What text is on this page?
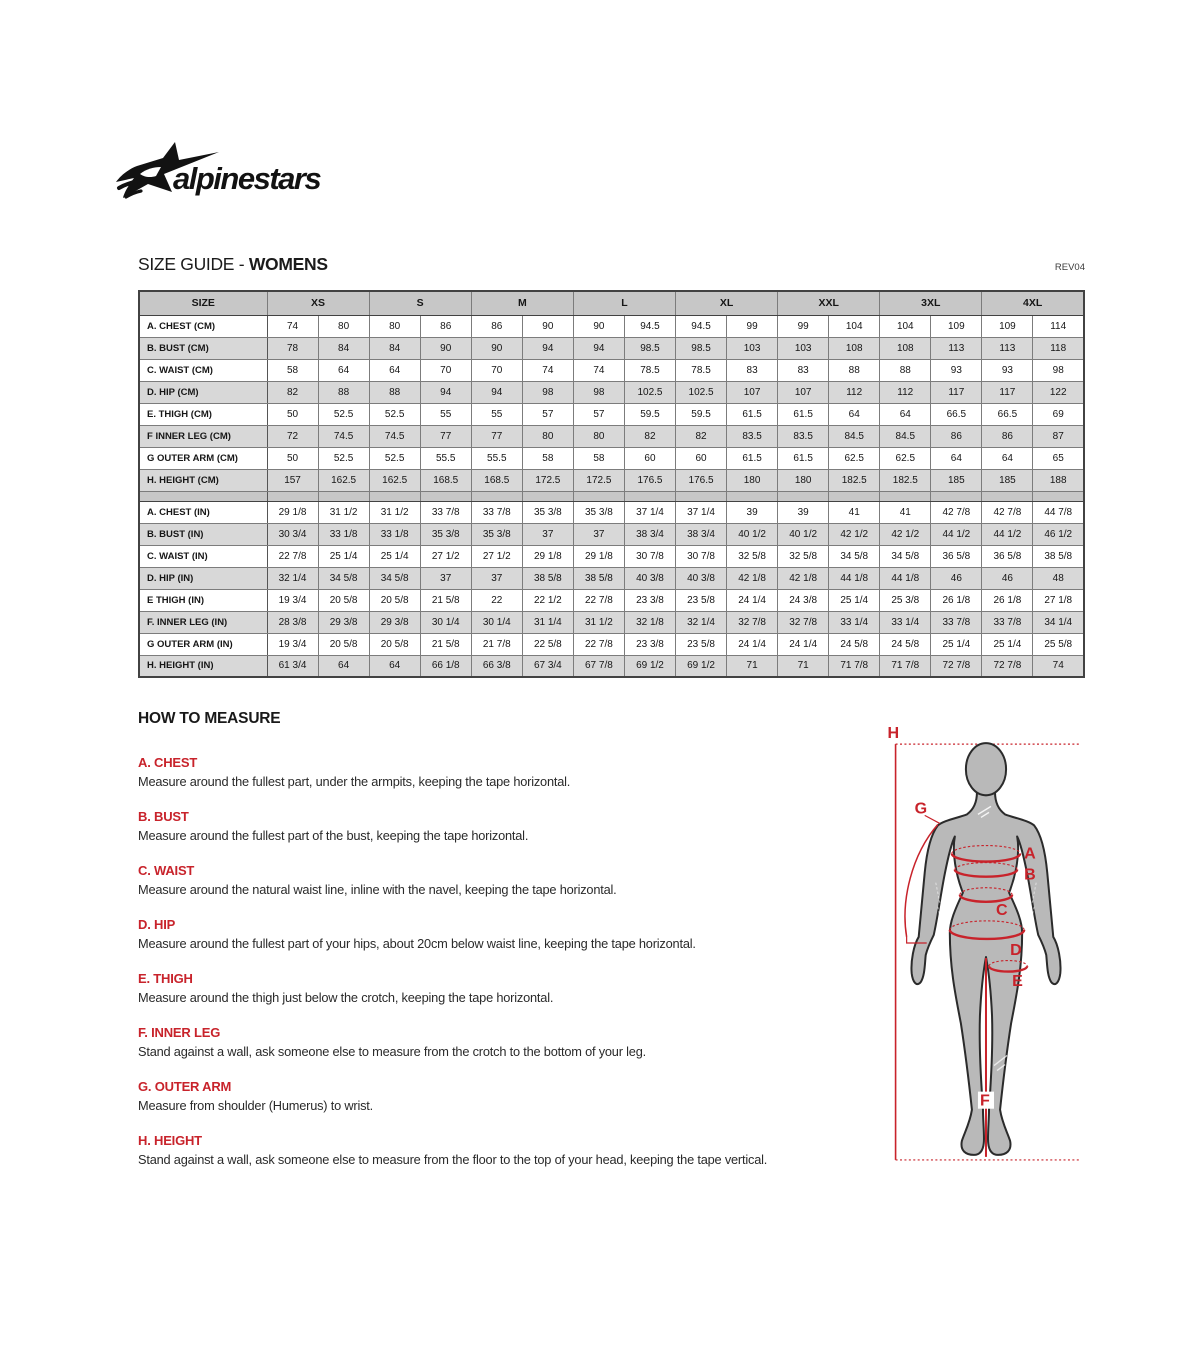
alpinestars
SIZE GUIDE - WOMENS	REV04
SIZE	XS		S		M		L		XL		XXL		3XL		4XL	
A. CHEST (CM)	74	80	80	86	86	90	90	94.5	94.5	99	99	104	104	109	109	114
B. BUST (CM)	78	84	84	90	90	94	94	98.5	98.5	103	103	108	108	113	113	118
C. WAIST (CM)	58	64	64	70	70	74	74	78.5	78.5	83	83	88	88	93	93	98
D. HIP (CM)	82	88	88	94	94	98	98	102.5	102.5	107	107	112	112	117	117	122
E. THIGH (CM)	50	52.5	52.5	55	55	57	57	59.5	59.5	61.5	61.5	64	64	66.5	66.5	69
F INNER LEG (CM)	72	74.5	74.5	77	77	80	80	82	82	83.5	83.5	84.5	84.5	86	86	87
G OUTER ARM (CM)	50	52.5	52.5	55.5	55.5	58	58	60	60	61.5	61.5	62.5	62.5	64	64	65
H. HEIGHT (CM)	157	162.5	162.5	168.5	168.5	172.5	172.5	176.5	176.5	180	180	182.5	182.5	185	185	188

A. CHEST (IN)	29 1/8	31 1/2	31 1/2	33 7/8	33 7/8	35 3/8	35 3/8	37 1/4	37 1/4	39	39	41	41	42 7/8	42 7/8	44 7/8
B. BUST (IN)	30 3/4	33 1/8	33 1/8	35 3/8	35 3/8	37	37	38 3/4	38 3/4	40 1/2	40 1/2	42 1/2	42 1/2	44 1/2	44 1/2	46 1/2
C. WAIST (IN)	22 7/8	25 1/4	25 1/4	27 1/2	27 1/2	29 1/8	29 1/8	30 7/8	30 7/8	32 5/8	32 5/8	34 5/8	34 5/8	36 5/8	36 5/8	38 5/8
D. HIP (IN)	32 1/4	34 5/8	34 5/8	37	37	38 5/8	38 5/8	40 3/8	40 3/8	42 1/8	42 1/8	44 1/8	44 1/8	46	46	48
E THIGH (IN)	19 3/4	20 5/8	20 5/8	21 5/8	22	22 1/2	22 7/8	23 3/8	23 5/8	24 1/4	24 3/8	25 1/4	25 3/8	26 1/8	26 1/8	27 1/8
F. INNER LEG (IN)	28 3/8	29 3/8	29 3/8	30 1/4	30 1/4	31 1/4	31 1/2	32 1/8	32 1/4	32 7/8	32 7/8	33 1/4	33 1/4	33 7/8	33 7/8	34 1/4
G OUTER ARM (IN)	19 3/4	20 5/8	20 5/8	21 5/8	21 7/8	22 5/8	22 7/8	23 3/8	23 5/8	24 1/4	24 1/4	24 5/8	24 5/8	25 1/4	25 1/4	25 5/8
H. HEIGHT (IN)	61 3/4	64	64	66 1/8	66 3/8	67 3/4	67 7/8	69 1/2	69 1/2	71	71	71 7/8	71 7/8	72 7/8	72 7/8	74
HOW TO MEASURE
A. CHEST

Measure around the fullest part, under the armpits, keeping the tape horizontal.

B. BUST

Measure around the fullest part of the bust, keeping the tape horizontal.

C. WAIST

Measure around the natural waist line, inline with the navel, keeping the tape horizontal.

D. HIP

Measure around the fullest part of your hips, about 20cm below waist line, keeping the tape horizontal.

E. THIGH

Measure around the thigh just below the crotch, keeping the tape horizontal.

F. INNER LEG

Stand against a wall, ask someone else to measure from the crotch to the bottom of your leg.

G. OUTER ARM

Measure from shoulder (Humerus) to wrist.

H. HEIGHT

Stand against a wall, ask someone else to measure from the floor to the top of your head, keeping the tape vertical.

H
G
A
B
C
D
E
F
